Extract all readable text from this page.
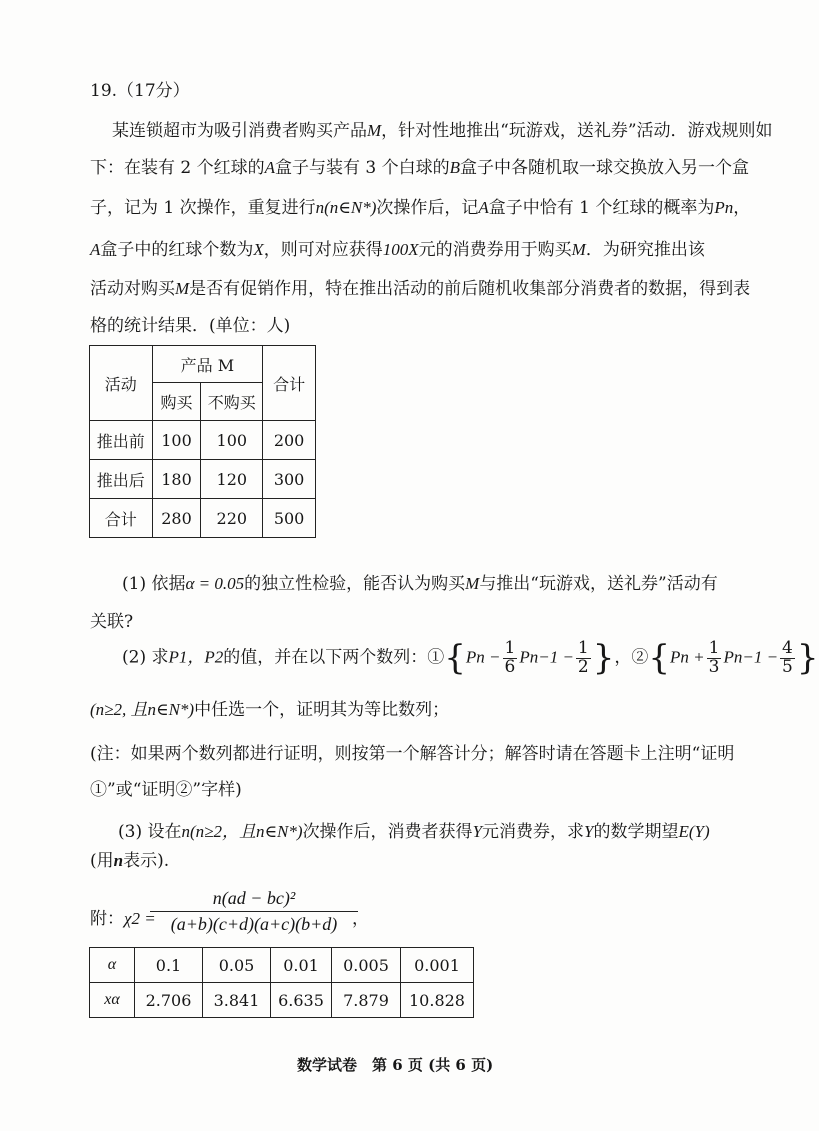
19.（17分）
某连锁超市为吸引消费者购买产品M，针对性地推出“玩游戏，送礼券”活动．游戏规则如
下：在装有 2 个红球的A盒子与装有 3 个白球的B盒子中各随机取一球交换放入另一个盒
子，记为 1 次操作，重复进行n(n∈N*)次操作后，记A盒子中恰有 1 个红球的概率为Pn，
A盒子中的红球个数为X，则可对应获得100X元的消费券用于购买M．为研究推出该
活动对购买M是否有促销作用，特在推出活动的前后随机收集部分消费者的数据，得到表
格的统计结果．(单位：人)
活动	产品 M		合计
	购买	不购买	
推出前	100	100	200
推出后	180	120	300
合计	280	220	500
(1) 依据α = 0.05的独立性检验，能否认为购买M与推出“玩游戏，送礼券”活动有
关联?
(2) 求P1，P2的值，并在以下两个数列：①{Pn − $\frac{1}{6} Pn-1 - \frac{1}{2}$ }，②{Pn + $\frac{1}{3} Pn-1 - \frac{4}{5}$ }
(n≥2, 且n∈N*)中任选一个，证明其为等比数列；
(注：如果两个数列都进行证明，则按第一个解答计分；解答时请在答题卡上注明“证明
①”或“证明②”字样)
(3) 设在n(n≥2，且n∈N*)次操作后，消费者获得Y元消费券，求Y的数学期望E(Y)
(用n表示).
附：χ2 =
$\frac{\text{n(ad − bc)²}}{(a+b)(c+d)(a+c)(b+d)}$
，
α	0.1	0.05	0.01	0.005	0.001
xα	2.706	3.841	6.635	7.879	10.828
数学试卷　第 6 页 (共 6 页)
